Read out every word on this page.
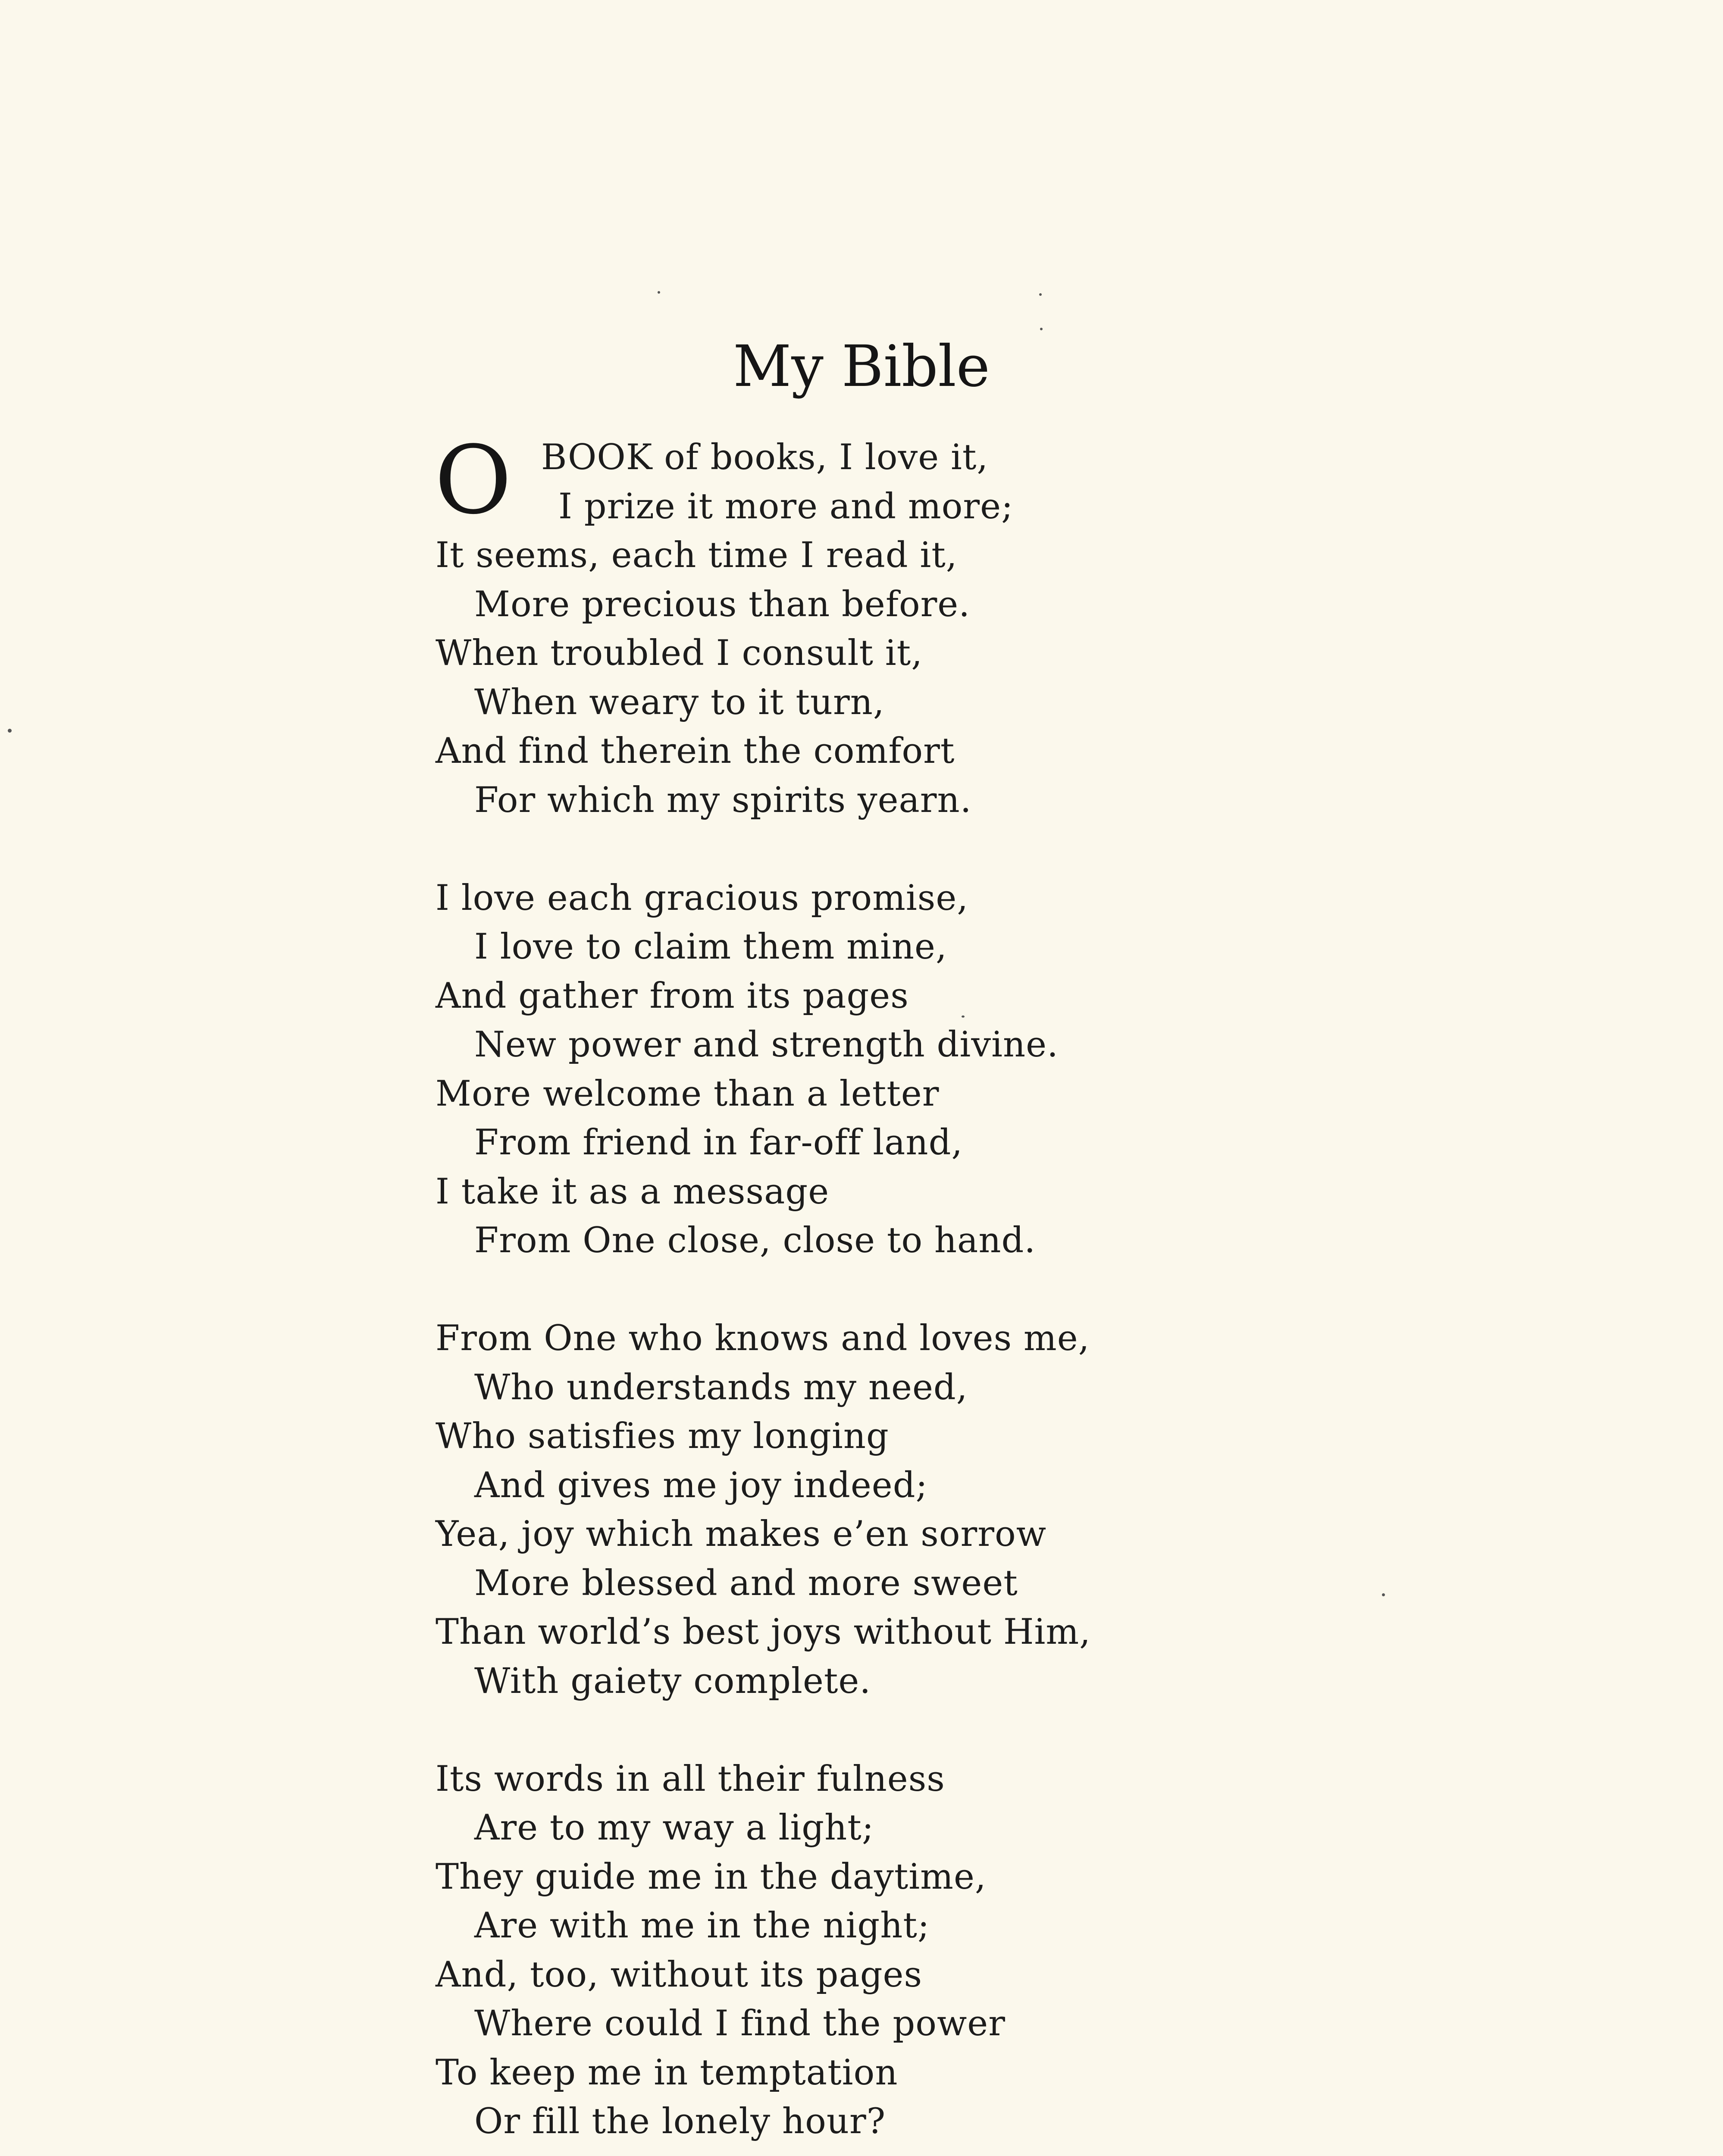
My Bible
O BOOK of books, I love it,
I prize it more and more;
It seems, each time I read it,
More precious than before.
When troubled I consult it,
When weary to it turn,
And find therein the comfort
For which my spirits yearn.
I love each gracious promise,
I love to claim them mine,
And gather from its pages
New power and strength divine.
More welcome than a letter
From friend in far-off land,
I take it as a message
From One close, close to hand.
From One who knows and loves me,
Who understands my need,
Who satisfies my longing
And gives me joy indeed;
Yea, joy which makes e’en sorrow
More blessed and more sweet
Than world’s best joys without Him,
With gaiety complete.
Its words in all their fulness
Are to my way a light;
They guide me in the daytime,
Are with me in the night;
And, too, without its pages
Where could I find the power
To keep me in temptation
Or fill the lonely hour?
